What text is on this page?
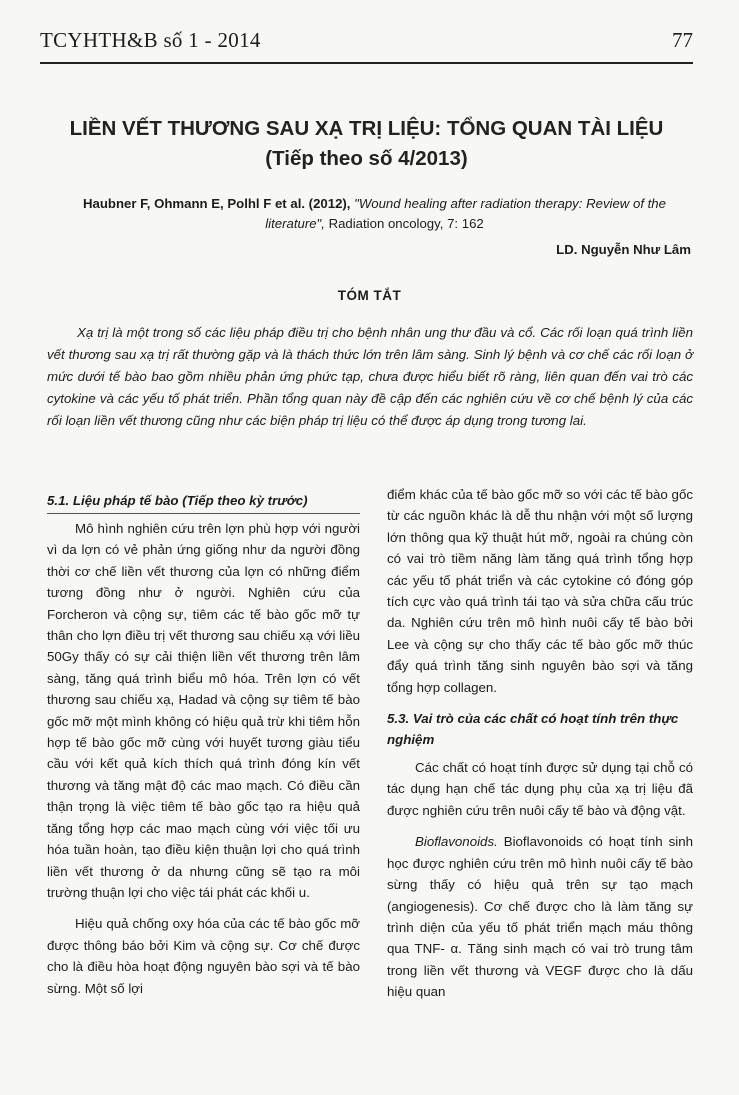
TCYHTH&B số 1 - 2014	77
LIỀN VẾT THƯƠNG SAU XẠ TRỊ LIỆU: TỔNG QUAN TÀI LIỆU
(Tiếp theo số 4/2013)
Haubner F, Ohmann E, Polhl F et al. (2012), "Wound healing after radiation therapy: Review of the literature", Radiation oncology, 7: 162
LD. Nguyễn Như Lâm
TÓM TẮT
Xạ trị là một trong số các liệu pháp điều trị cho bệnh nhân ung thư đầu và cổ. Các rối loạn quá trình liền vết thương sau xạ trị rất thường gặp và là thách thức lớn trên lâm sàng. Sinh lý bệnh và cơ chế các rối loạn ở mức dưới tế bào bao gồm nhiều phản ứng phức tạp, chưa được hiểu biết rõ ràng, liên quan đến vai trò các cytokine và các yếu tố phát triển. Phần tổng quan này đề cập đến các nghiên cứu về cơ chế bệnh lý của các rối loạn liền vết thương cũng như các biện pháp trị liệu có thể được áp dụng trong tương lai.
5.1. Liệu pháp tế bào (Tiếp theo kỳ trước)

Mô hình nghiên cứu trên lợn phù hợp với người vì da lợn có vẻ phản ứng giống như da người đồng thời cơ chế liền vết thương của lợn có những điểm tương đồng như ở người. Nghiên cứu của Forcheron và cộng sự, tiêm các tế bào gốc mỡ tự thân cho lợn điều trị vết thương sau chiếu xạ với liều 50Gy thấy có sự cải thiện liền vết thương trên lâm sàng, tăng quá trình biểu mô hóa. Trên lợn có vết thương sau chiếu xạ, Hadad và cộng sự tiêm tế bào gốc mỡ một mình không có hiệu quả trừ khi tiêm hỗn hợp tế bào gốc mỡ cùng với huyết tương giàu tiểu cầu với kết quả kích thích quá trình đóng kín vết thương và tăng mật độ các mao mạch. Có điều cần thận trọng là việc tiêm tế bào gốc tạo ra hiệu quả tăng tổng hợp các mao mạch cùng với việc tối ưu hóa tuần hoàn, tạo điều kiện thuận lợi cho quá trình liền vết thương ở da nhưng cũng sẽ tạo ra môi trường thuận lợi cho việc tái phát các khối u.

Hiệu quả chống oxy hóa của các tế bào gốc mỡ được thông báo bởi Kim và cộng sự. Cơ chế được cho là điều hòa hoạt động nguyên bào sợi và tế bào sừng. Một số lợi

điểm khác của tế bào gốc mỡ so với các tế bào gốc từ các nguồn khác là dễ thu nhận với một số lượng lớn thông qua kỹ thuật hút mỡ, ngoài ra chúng còn có vai trò tiềm năng làm tăng quá trình tổng hợp các yếu tố phát triển và các cytokine có đóng góp tích cực vào quá trình tái tạo và sửa chữa cấu trúc da. Nghiên cứu trên mô hình nuôi cấy tế bào bởi Lee và cộng sự cho thấy các tế bào gốc mỡ thúc đẩy quá trình tăng sinh nguyên bào sợi và tăng tổng hợp collagen.

5.3. Vai trò của các chất có hoạt tính trên thực nghiệm

Các chất có hoạt tính được sử dụng tại chỗ có tác dụng hạn chế tác dụng phụ của xạ trị liệu đã được nghiên cứu trên nuôi cấy tế bào và động vật.

Bioflavonoids. Bioflavonoids có hoạt tính sinh học được nghiên cứu trên mô hình nuôi cấy tế bào sừng thấy có hiệu quả trên sự tạo mạch (angiogenesis). Cơ chế được cho là làm tăng sự trình diện của yếu tố phát triển mạch máu thông qua TNF- α. Tăng sinh mạch có vai trò trung tâm trong liền vết thương và VEGF được cho là dấu hiệu quan
